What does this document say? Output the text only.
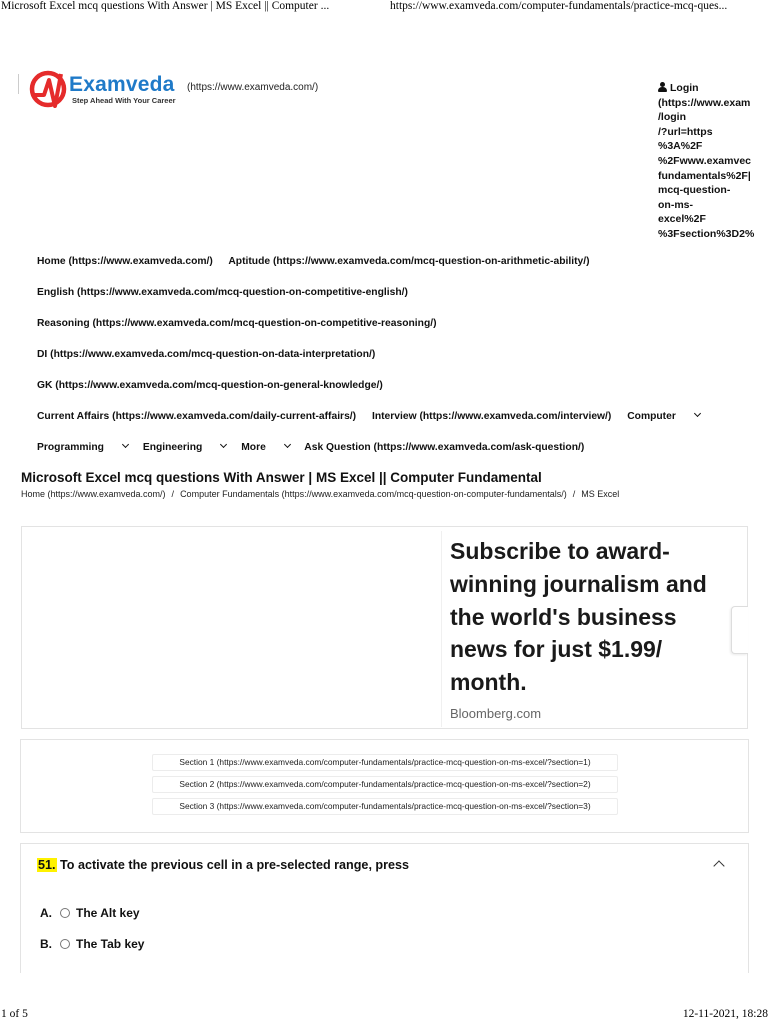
Microsoft Excel mcq questions With Answer | MS Excel || Computer ...	https://www.examveda.com/computer-fundamentals/practice-mcq-ques...
Examveda
Step Ahead With Your Career
(https://www.examveda.com/)	Login
(https://www.exam
/login
/?url=https
%3A%2F
%2Fwww.examvec
fundamentals%2F|
mcq-question-
on-ms-
excel%2F
%3Fsection%3D2%
Home (https://www.examveda.com/) Aptitude (https://www.examveda.com/mcq-question-on-arithmetic-ability/)
English (https://www.examveda.com/mcq-question-on-competitive-english/)
Reasoning (https://www.examveda.com/mcq-question-on-competitive-reasoning/)
DI (https://www.examveda.com/mcq-question-on-data-interpretation/)
GK (https://www.examveda.com/mcq-question-on-general-knowledge/)
Current Affairs (https://www.examveda.com/daily-current-affairs/) Interview (https://www.examveda.com/interview/) Computer
Programming	Engineering	More	Ask Question (https://www.examveda.com/ask-question/)
Microsoft Excel mcq questions With Answer | MS Excel || Computer Fundamental
Home (https://www.examveda.com/) / Computer Fundamentals (https://www.examveda.com/mcq-question-on-computer-fundamentals/) / MS Excel
Subscribe to award-winning journalism and the world's business news for just $1.99/ month.
Bloomberg.com
Section 1 (https://www.examveda.com/computer-fundamentals/practice-mcq-question-on-ms-excel/?section=1)
Section 2 (https://www.examveda.com/computer-fundamentals/practice-mcq-question-on-ms-excel/?section=2)
Section 3 (https://www.examveda.com/computer-fundamentals/practice-mcq-question-on-ms-excel/?section=3)
51. To activate the previous cell in a pre-selected range, press
A. The Alt key
B. The Tab key
1 of 5	12-11-2021, 18:28
